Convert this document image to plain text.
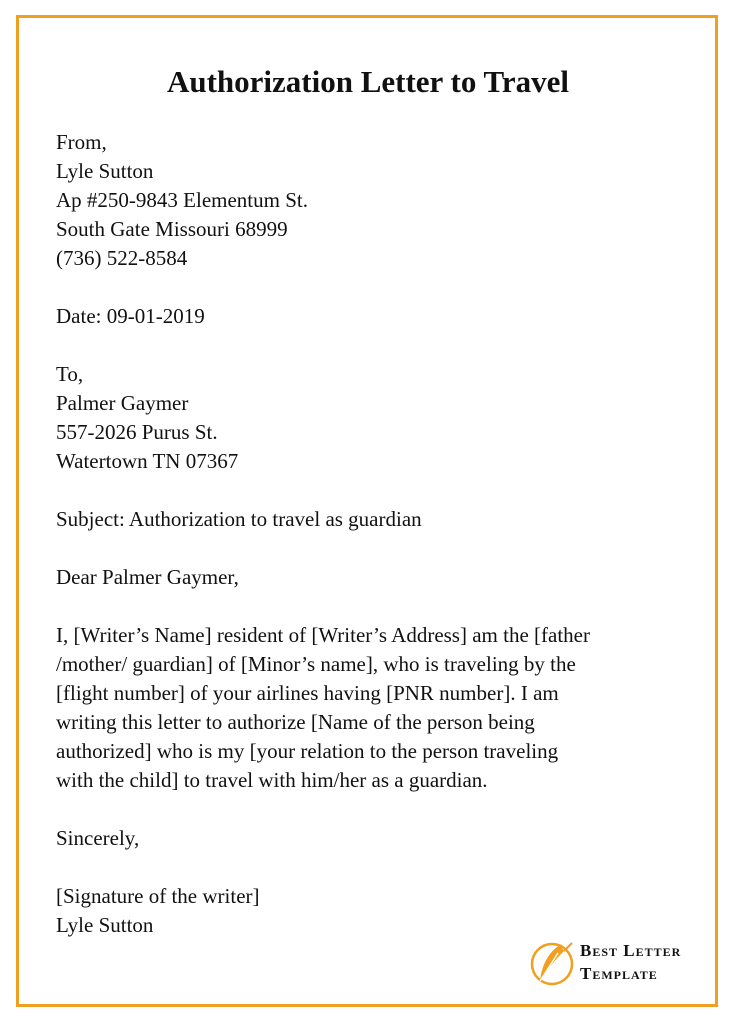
Authorization Letter to Travel
From,
Lyle Sutton
Ap #250-9843 Elementum St.
South Gate Missouri 68999
(736) 522-8584
Date: 09-01-2019
To,
Palmer Gaymer
557-2026 Purus St.
Watertown TN 07367
Subject: Authorization to travel as guardian
Dear Palmer Gaymer,
I, [Writer’s Name] resident of [Writer’s Address] am the [father
/mother/ guardian] of [Minor’s name], who is traveling by the
[flight number] of your airlines having [PNR number]. I am
writing this letter to authorize [Name of the person being
authorized] who is my [your relation to the person traveling
with the child] to travel with him/her as a guardian.
Sincerely,
[Signature of the writer]
Lyle Sutton
Best Letter
Template
